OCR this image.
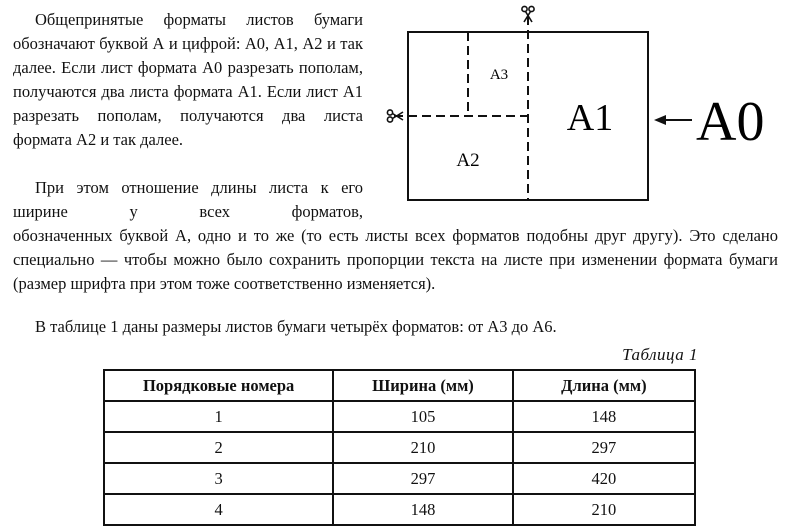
Общепринятые форматы листов бумаги обозначают буквой А и цифрой: А0, А1, А2 и так далее. Если лист формата А0 разрезать пополам, получаются два листа формата А1. Если лист А1 разрезать пополам, получаются два листа формата А2 и так далее.

При этом отношение длины листа к его ширине у всех форматов,

обозначенных буквой А, одно и то же (то есть листы всех форматов подобны друг другу). Это сделано специально — чтобы можно было сохранить пропорции текста на листе при изменении формата бумаги (размер шрифта при этом тоже соответственно изменяется).

В таблице 1 даны размеры листов бумаги четырёх форматов: от А3 до А6.

А3
А2
А1 А0
Таблица 1
Порядковые номера	Ширина (мм)	Длина (мм)
1	105	148
2	210	297
3	297	420
4	148	210
